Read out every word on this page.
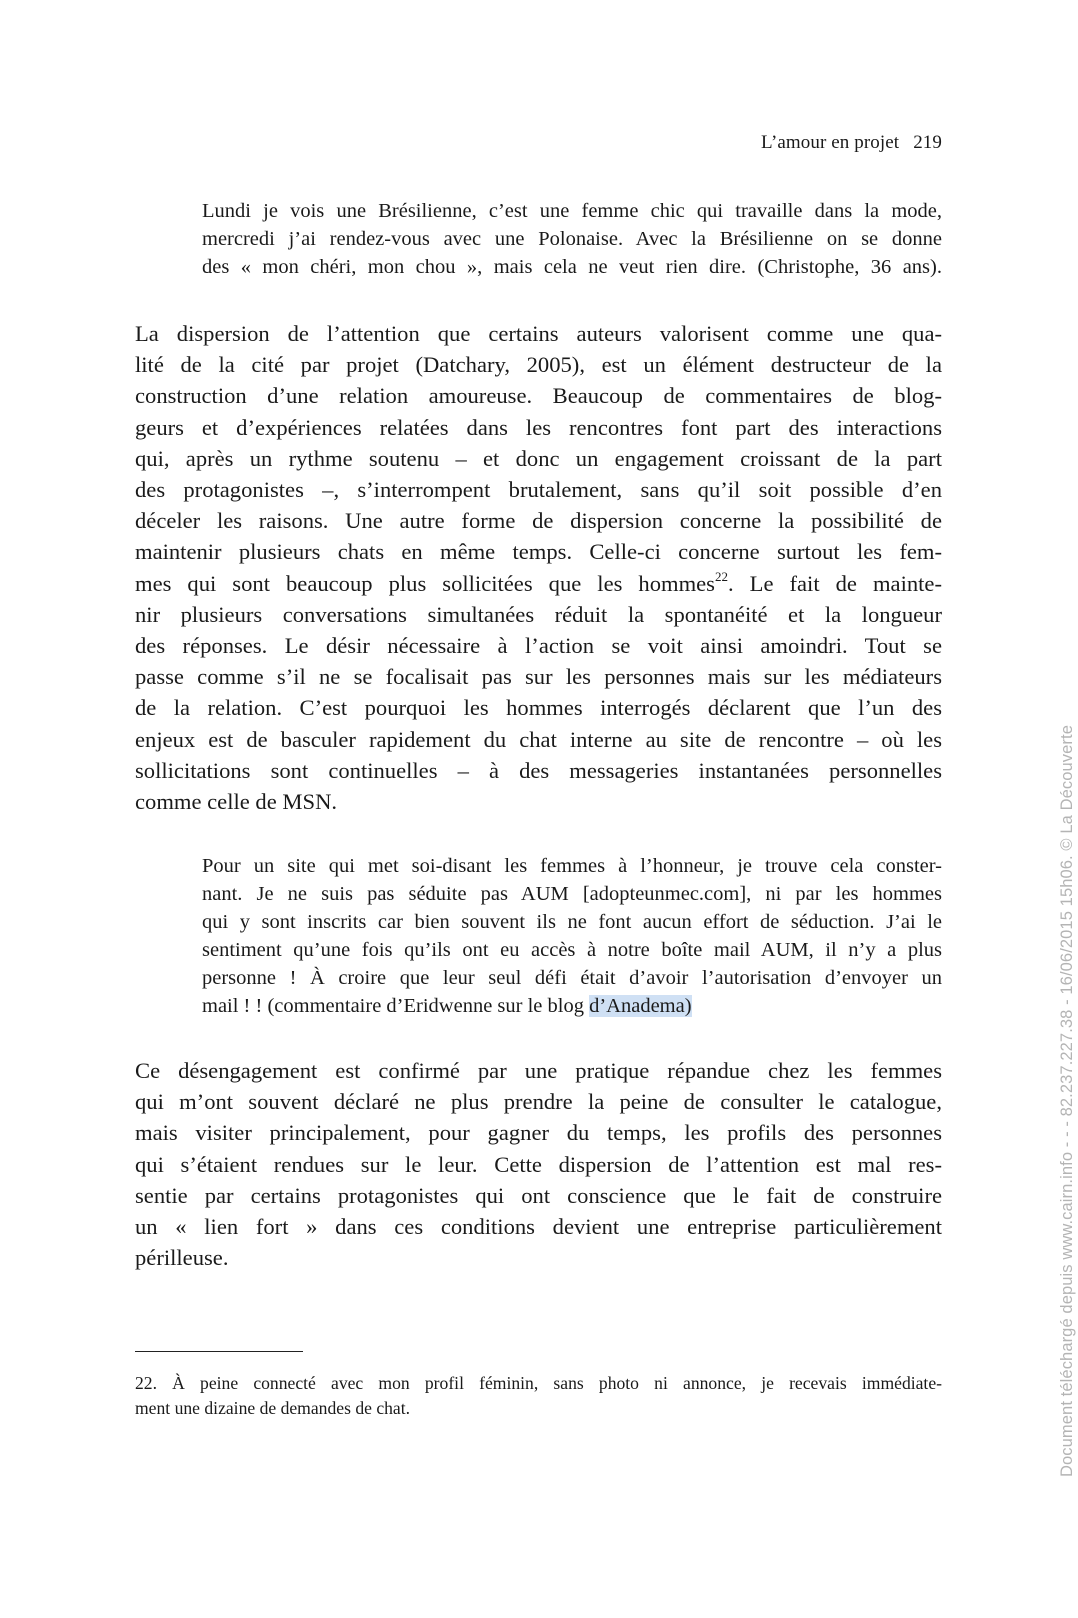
L’amour en projet 219
Lundi je vois une Brésilienne, c’est une femme chic qui travaille dans la mode,
mercredi j’ai rendez-vous avec une Polonaise. Avec la Brésilienne on se donne
des « mon chéri, mon chou », mais cela ne veut rien dire. (Christophe, 36 ans).
La dispersion de l’attention que certains auteurs valorisent comme une qua-
lité de la cité par projet (Datchary, 2005), est un élément destructeur de la
construction d’une relation amoureuse. Beaucoup de commentaires de blog-
geurs et d’expériences relatées dans les rencontres font part des interactions
qui, après un rythme soutenu – et donc un engagement croissant de la part
des protagonistes –, s’interrompent brutalement, sans qu’il soit possible d’en
déceler les raisons. Une autre forme de dispersion concerne la possibilité de
maintenir plusieurs chats en même temps. Celle-ci concerne surtout les fem-
mes qui sont beaucoup plus sollicitées que les hommes$^{22}$. Le fait de mainte-
nir plusieurs conversations simultanées réduit la spontanéité et la longueur
des réponses. Le désir nécessaire à l’action se voit ainsi amoindri. Tout se
passe comme s’il ne se focalisait pas sur les personnes mais sur les médiateurs
de la relation. C’est pourquoi les hommes interrogés déclarent que l’un des
enjeux est de basculer rapidement du chat interne au site de rencontre – où les
sollicitations sont continuelles – à des messageries instantanées personnelles
comme celle de MSN.
Pour un site qui met soi-disant les femmes à l’honneur, je trouve cela conster-
nant. Je ne suis pas séduite pas AUM [adopteunmec.com], ni par les hommes
qui y sont inscrits car bien souvent ils ne font aucun effort de séduction. J’ai le
sentiment qu’une fois qu’ils ont eu accès à notre boîte mail AUM, il n’y a plus
personne ! À croire que leur seul défi était d’avoir l’autorisation d’envoyer un
mail ! ! (commentaire d’Eridwenne sur le blog d’Anadema)
Ce désengagement est confirmé par une pratique répandue chez les femmes
qui m’ont souvent déclaré ne plus prendre la peine de consulter le catalogue,
mais visiter principalement, pour gagner du temps, les profils des personnes
qui s’étaient rendues sur le leur. Cette dispersion de l’attention est mal res-
sentie par certains protagonistes qui ont conscience que le fait de construire
un « lien fort » dans ces conditions devient une entreprise particulièrement
périlleuse.
22. À peine connecté avec mon profil féminin, sans photo ni annonce, je recevais immédiate-
ment une dizaine de demandes de chat.	Document téléchargé depuis www.cairn.info - - - 82.237.227.38 - 16/06/2015 15h06. © La Découverte
